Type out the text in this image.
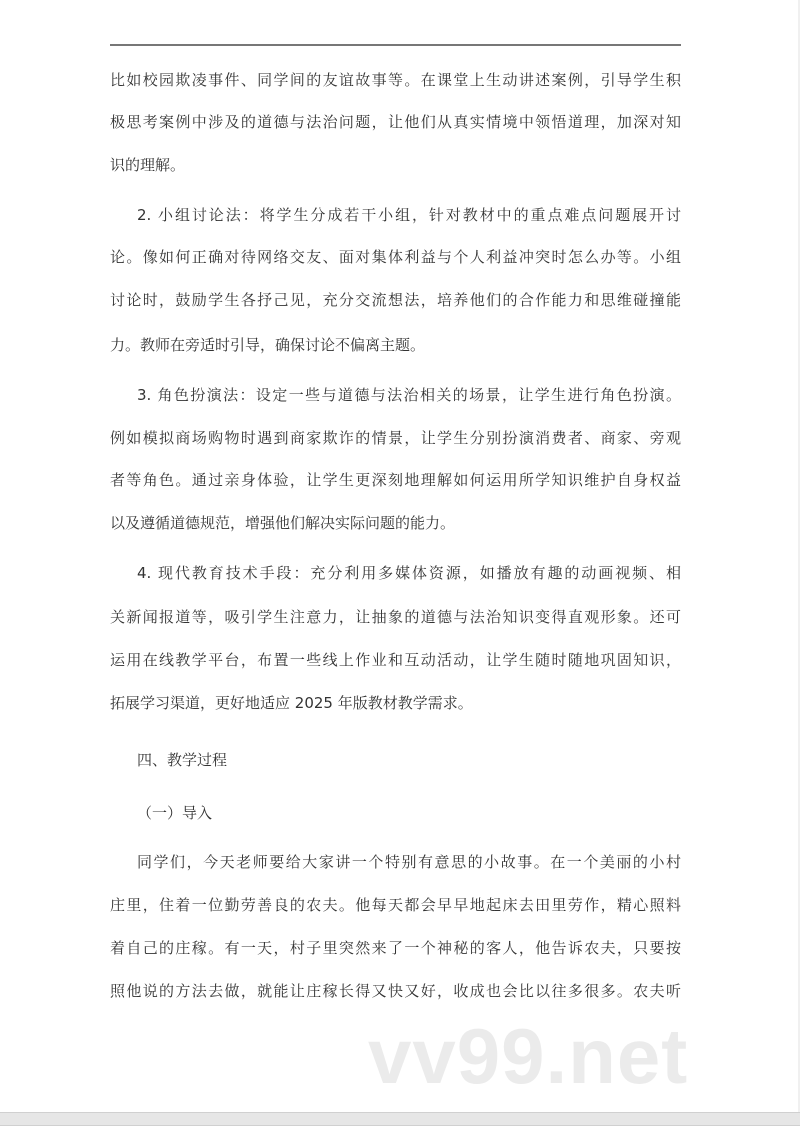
比如校园欺凌事件、同学间的友谊故事等。在课堂上生动讲述案例，引导学生积
极思考案例中涉及的道德与法治问题，让他们从真实情境中领悟道理，加深对知
识的理解。
2. 小组讨论法：将学生分成若干小组，针对教材中的重点难点问题展开讨
论。像如何正确对待网络交友、面对集体利益与个人利益冲突时怎么办等。小组
讨论时，鼓励学生各抒己见，充分交流想法，培养他们的合作能力和思维碰撞能
力。教师在旁适时引导，确保讨论不偏离主题。
3. 角色扮演法：设定一些与道德与法治相关的场景，让学生进行角色扮演。
例如模拟商场购物时遇到商家欺诈的情景，让学生分别扮演消费者、商家、旁观
者等角色。通过亲身体验，让学生更深刻地理解如何运用所学知识维护自身权益
以及遵循道德规范，增强他们解决实际问题的能力。
4. 现代教育技术手段：充分利用多媒体资源，如播放有趣的动画视频、相
关新闻报道等，吸引学生注意力，让抽象的道德与法治知识变得直观形象。还可
运用在线教学平台，布置一些线上作业和互动活动，让学生随时随地巩固知识，
拓展学习渠道，更好地适应 2025 年版教材教学需求。
四、教学过程
（一）导入
同学们，今天老师要给大家讲一个特别有意思的小故事。在一个美丽的小村
庄里，住着一位勤劳善良的农夫。他每天都会早早地起床去田里劳作，精心照料
着自己的庄稼。有一天，村子里突然来了一个神秘的客人，他告诉农夫，只要按
照他说的方法去做，就能让庄稼长得又快又好，收成也会比以往多很多。农夫听
vv99.net
